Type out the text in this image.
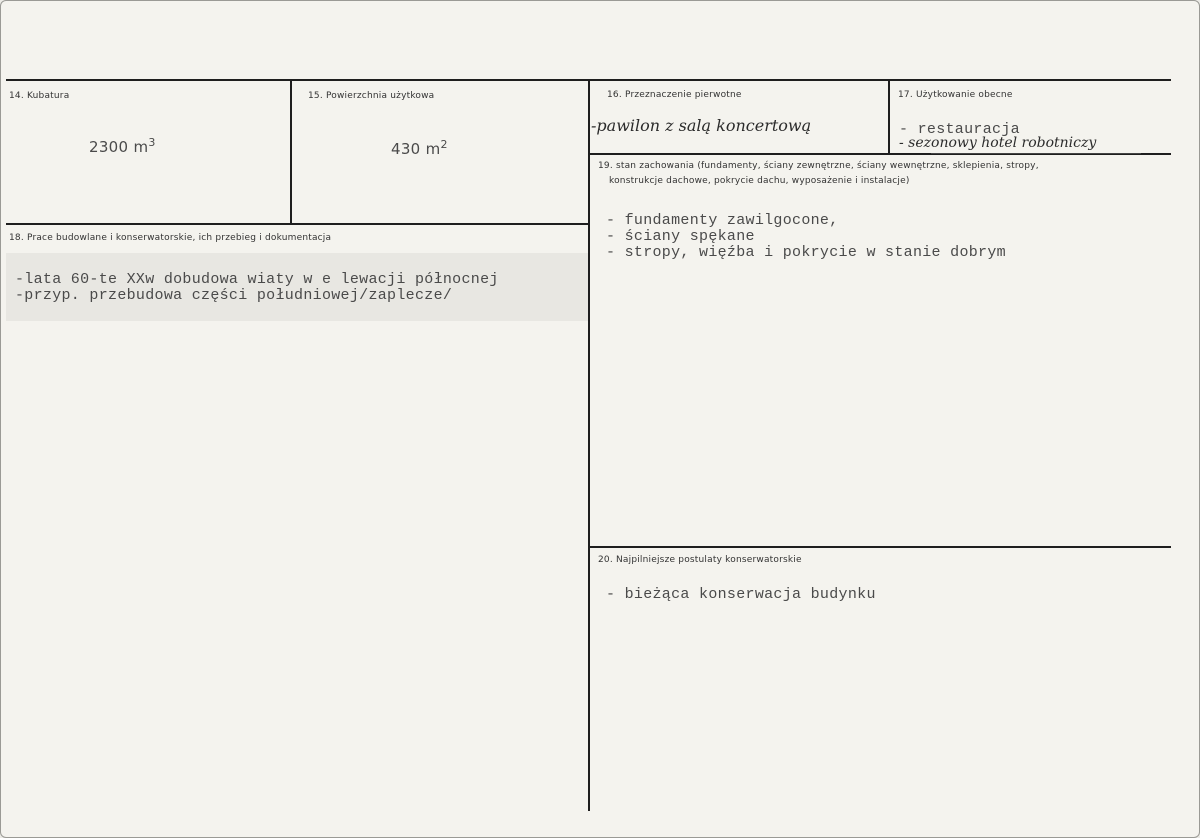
14. Kubatura
2300 $m^3$
15. Powierzchnia użytkowa
430 $m^2$
16. Przeznaczenie pierwotne
-pawilon z salą koncertową
17. Użytkowanie obecne
- restauracja
- sezonowy hotel robotniczy
18. Prace budowlane i konserwatorskie, ich przebieg i dokumentacja
-lata 60-te XXw dobudowa wiaty w e lewacji północnej
-przyp. przebudowa części południowej/zaplecze/
19. stan zachowania (fundamenty, ściany zewnętrzne, ściany wewnętrzne, sklepienia, stropy,
konstrukcje dachowe, pokrycie dachu, wyposażenie i instalacje)
- fundamenty zawilgocone,
- ściany spękane
- stropy, więźba i pokrycie w stanie dobrym
20. Najpilniejsze postulaty konserwatorskie
- bieżąca konserwacja budynku
